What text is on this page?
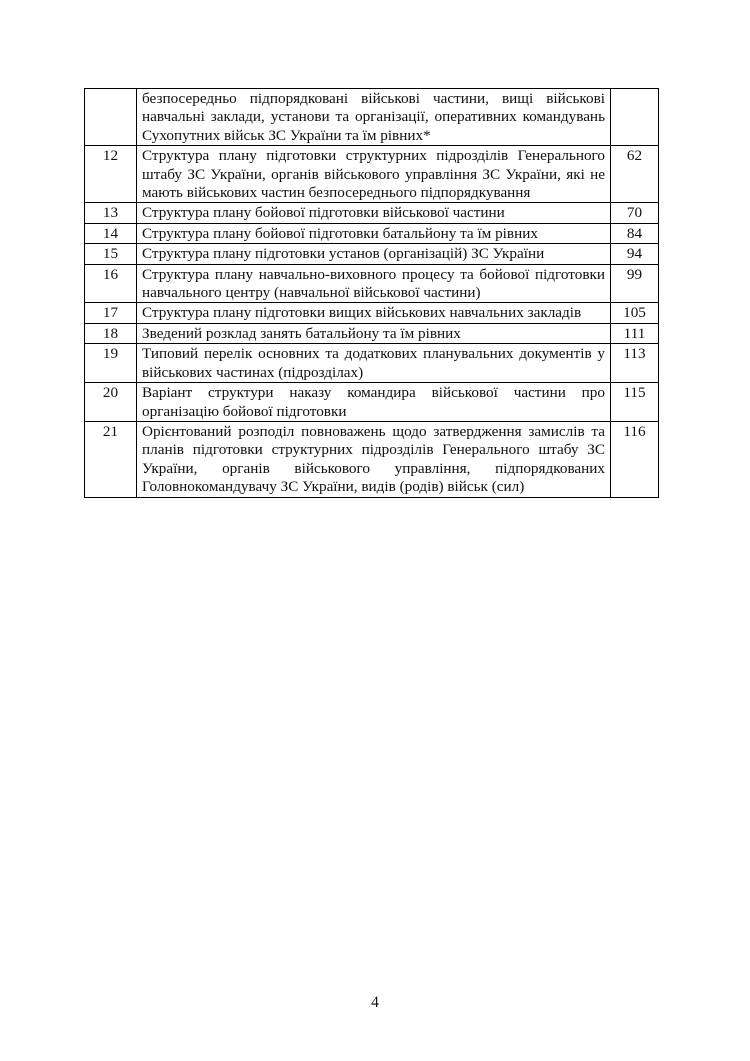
	безпосередньо підпорядковані військові частини, вищі військові навчальні заклади, установи та організації, оперативних командувань Сухопутних військ ЗС України та їм рівних*	
12	Структура плану підготовки структурних підрозділів Генерального штабу ЗС України, органів військового управління ЗС України, які не мають військових частин безпосереднього підпорядкування	62
13	Структура плану бойової підготовки військової частини	70
14	Структура плану бойової підготовки батальйону та їм рівних	84
15	Структура плану підготовки установ (організацій) ЗС України	94
16	Структура плану навчально-виховного процесу та бойової підготовки навчального центру (навчальної військової частини)	99
17	Структура плану підготовки вищих військових навчальних закладів	105
18	Зведений розклад занять батальйону та їм рівних	111
19	Типовий перелік основних та додаткових планувальних документів у військових частинах (підрозділах)	113
20	Варіант структури наказу командира військової частини про організацію бойової підготовки	115
21	Орієнтований розподіл повноважень щодо затвердження замислів та планів підготовки структурних підрозділів Генерального штабу ЗС України, органів військового управління, підпорядкованих Головнокомандувачу ЗС України, видів (родів) військ (сил)	116
4
